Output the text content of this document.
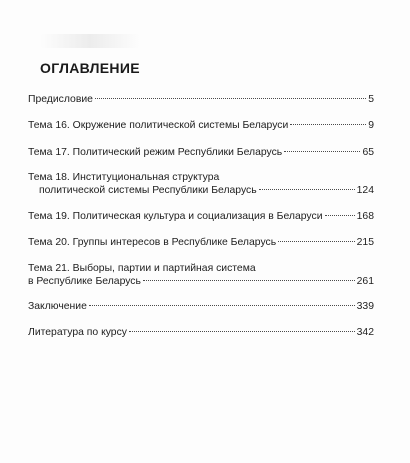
ОГЛАВЛЕНИЕ
Предисловие	5
Тема 16. Окружение политической системы Беларуси	9
Тема 17. Политический режим Республики Беларусь	65
Тема 18. Институциональная структура
политической системы Республики Беларусь	124
Тема 19. Политическая культура и социализация в Беларуси	168
Тема 20. Группы интересов в Республике Беларусь	215
Тема 21. Выборы, партии и партийная система
в Республике Беларусь	261
Заключение	339
Литература по курсу	342
